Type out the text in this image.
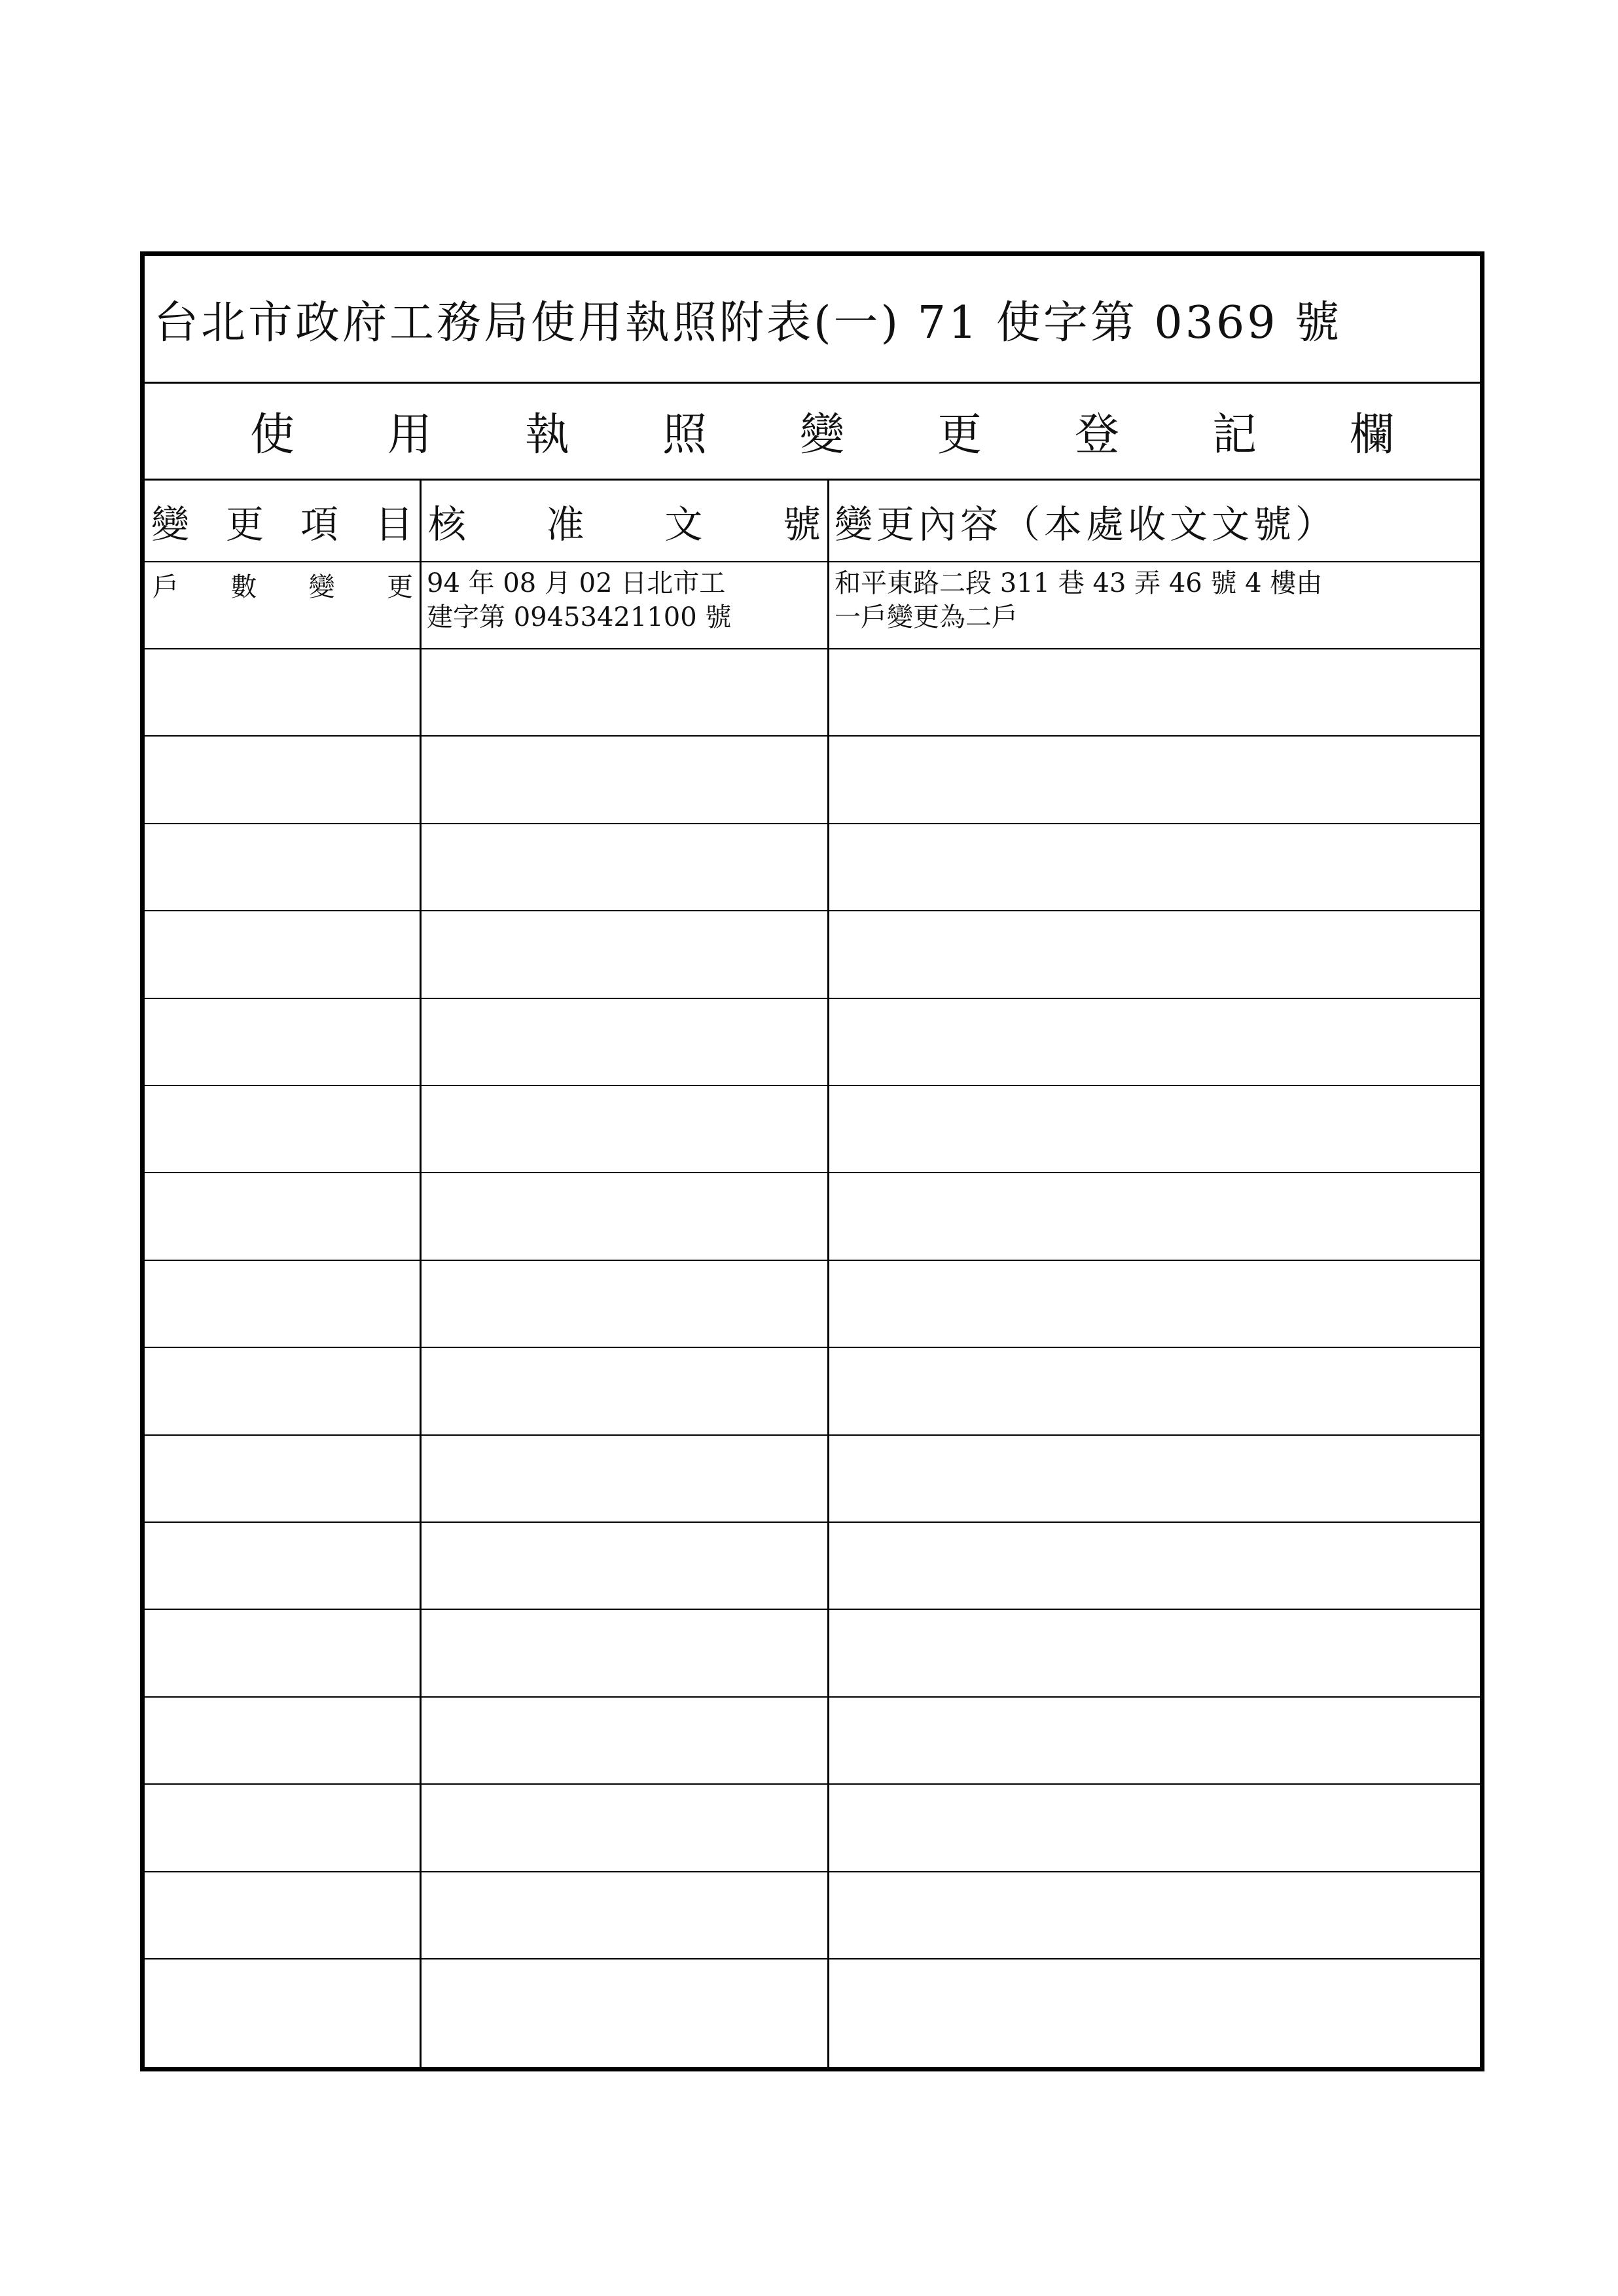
台北市政府工務局使用執照附表(一) 71 使字第 0369 號
使 用 執 照 變 更 登 記 欄
變 更 項 目 核 准 文 號 變更內容（本處收文文號）
戶 數 變 更 94 年 08 月 02 日北市工
建字第 09453421100 號
和平東路二段 311 巷 43 弄 46 號 4 樓由
一戶變更為二戶
